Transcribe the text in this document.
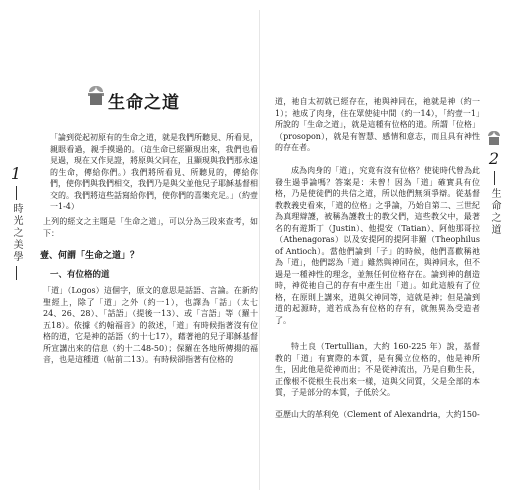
1
時光之美學
生命之道

「論到從起初原有的生命之道，就是我們所聽見、所看見，親眼看過，親手摸過的。（這生命已經顯現出來，我們也看見過，現在又作見證，將原與父同在，且顯現與我們那永遠的生命，傳給你們。）我們將所看見、所聽見的，傳給你們，使你們與我們相交，我們乃是與父並他兒子耶穌基督相交的。我們將這些話寫給你們，使你們的喜樂充足。」（約壹一1-4）

上列的經文之主題是「生命之道」，可以分為三段來查考，如下：

壹、何謂「生命之道」？
一、有位格的道

「道」（Logos）這個字，原文的意思是話語、言論。在新約聖經上，除了「道」之外（約一1），也譯為「話」（太七24、26、28）、「話語」（提後一13）、或「言語」等（羅十五18）。依據《約翰福音》的敘述，「道」有時候指著沒有位格的道，它是神的話語（約十七17），藉著祂的兒子耶穌基督所宣講出來的信息（約十二48-50）；保羅在各地所傳揚的福音，也是這種道（帖前二13）。有時候卻指著有位格的

2
生命之道

道，祂自太初就已經存在，祂與神同在，祂就是神（約一1）；祂成了肉身，住在眾使徒中間（約一14），「約壹一1」所說的「生命之道」，就是這種有位格的道。所謂「位格」（prosopon），就是有智慧、感情和意志，而且具有神性的存在者。

成為肉身的「道」，究竟有沒有位格？使徒時代曾為此發生過爭論嗎？答案是：未曾！因為「道」確實具有位格，乃是使徒們的共信之道，所以他們無須爭辯。從基督教教義史看來，「道的位格」之爭論，乃始自第二、三世紀為真理辯護，被稱為護教士的教父們，這些教父中，最著名的有遊斯丁（Justin）、他提安（Tatian）、阿他那哥拉（Athenagoras）以及安提阿的提阿非羅（Theophilus of Antioch）。當他們論到「子」的時候，他們喜歡稱祂為「道」，他們認為「道」雖然與神同在，與神同永，但不過是一種神性的理念，並無任何位格存在。論到神的創造時，神從祂自己的存有中產生出「道」。如此這般有了位格，在原則上講來，道與父神同等，這就是神；但是論到道的起源時，道若成為有位格的存有，就無異為受造者了。

特土良（Tertullian，大約 160-225 年）說，基督教的「道」有實際的本質，是有獨立位格的，他是神所生，因此他是從神而出；不是從神流出，乃是自動生長，正像根不從根生長出來一樣，這與父同質，父是全部的本質，子是部分的本質，子低於父。

亞歷山大的革利免（Clement of Alexandria，大約150-
